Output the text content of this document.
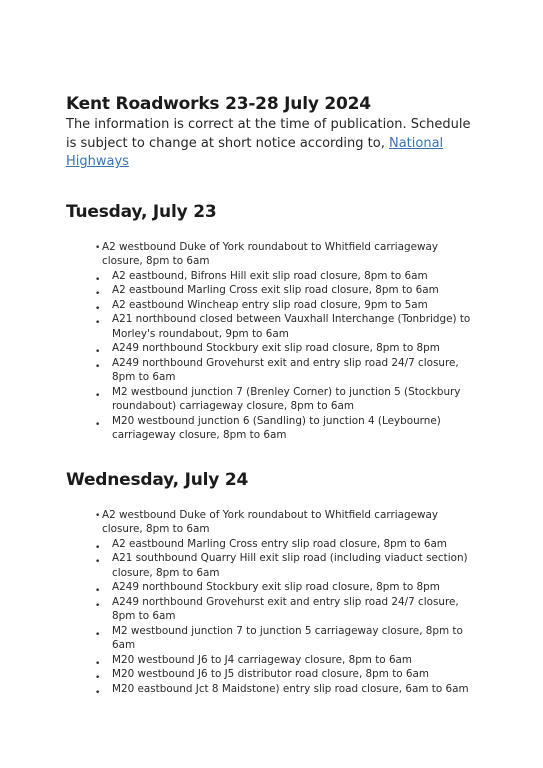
Kent Roadworks 23-28 July 2024

The information is correct at the time of publication. Schedule is subject to change at short notice according to, National Highways

Tuesday, July 23
• A2 westbound Duke of York roundabout to Whitfield carriageway closure, 8pm to 6am
• A2 eastbound, Bifrons Hill exit slip road closure, 8pm to 6am
• A2 eastbound Marling Cross exit slip road closure, 8pm to 6am
• A2 eastbound Wincheap entry slip road closure, 9pm to 5am
• A21 northbound closed between Vauxhall Interchange (Tonbridge) to Morley's roundabout, 9pm to 6am
• A249 northbound Stockbury exit slip road closure, 8pm to 8pm
• A249 northbound Grovehurst exit and entry slip road 24/7 closure, 8pm to 6am
• M2 westbound junction 7 (Brenley Corner) to junction 5 (Stockbury roundabout) carriageway closure, 8pm to 6am
• M20 westbound junction 6 (Sandling) to junction 4 (Leybourne) carriageway closure, 8pm to 6am
Wednesday, July 24
• A2 westbound Duke of York roundabout to Whitfield carriageway closure, 8pm to 6am
• A2 eastbound Marling Cross entry slip road closure, 8pm to 6am
• A21 southbound Quarry Hill exit slip road (including viaduct section) closure, 8pm to 6am
• A249 northbound Stockbury exit slip road closure, 8pm to 8pm
• A249 northbound Grovehurst exit and entry slip road 24/7 closure, 8pm to 6am
• M2 westbound junction 7 to junction 5 carriageway closure, 8pm to 6am
• M20 westbound J6 to J4 carriageway closure, 8pm to 6am
• M20 westbound J6 to J5 distributor road closure, 8pm to 6am
• M20 eastbound Jct 8 Maidstone) entry slip road closure, 6am to 6am
